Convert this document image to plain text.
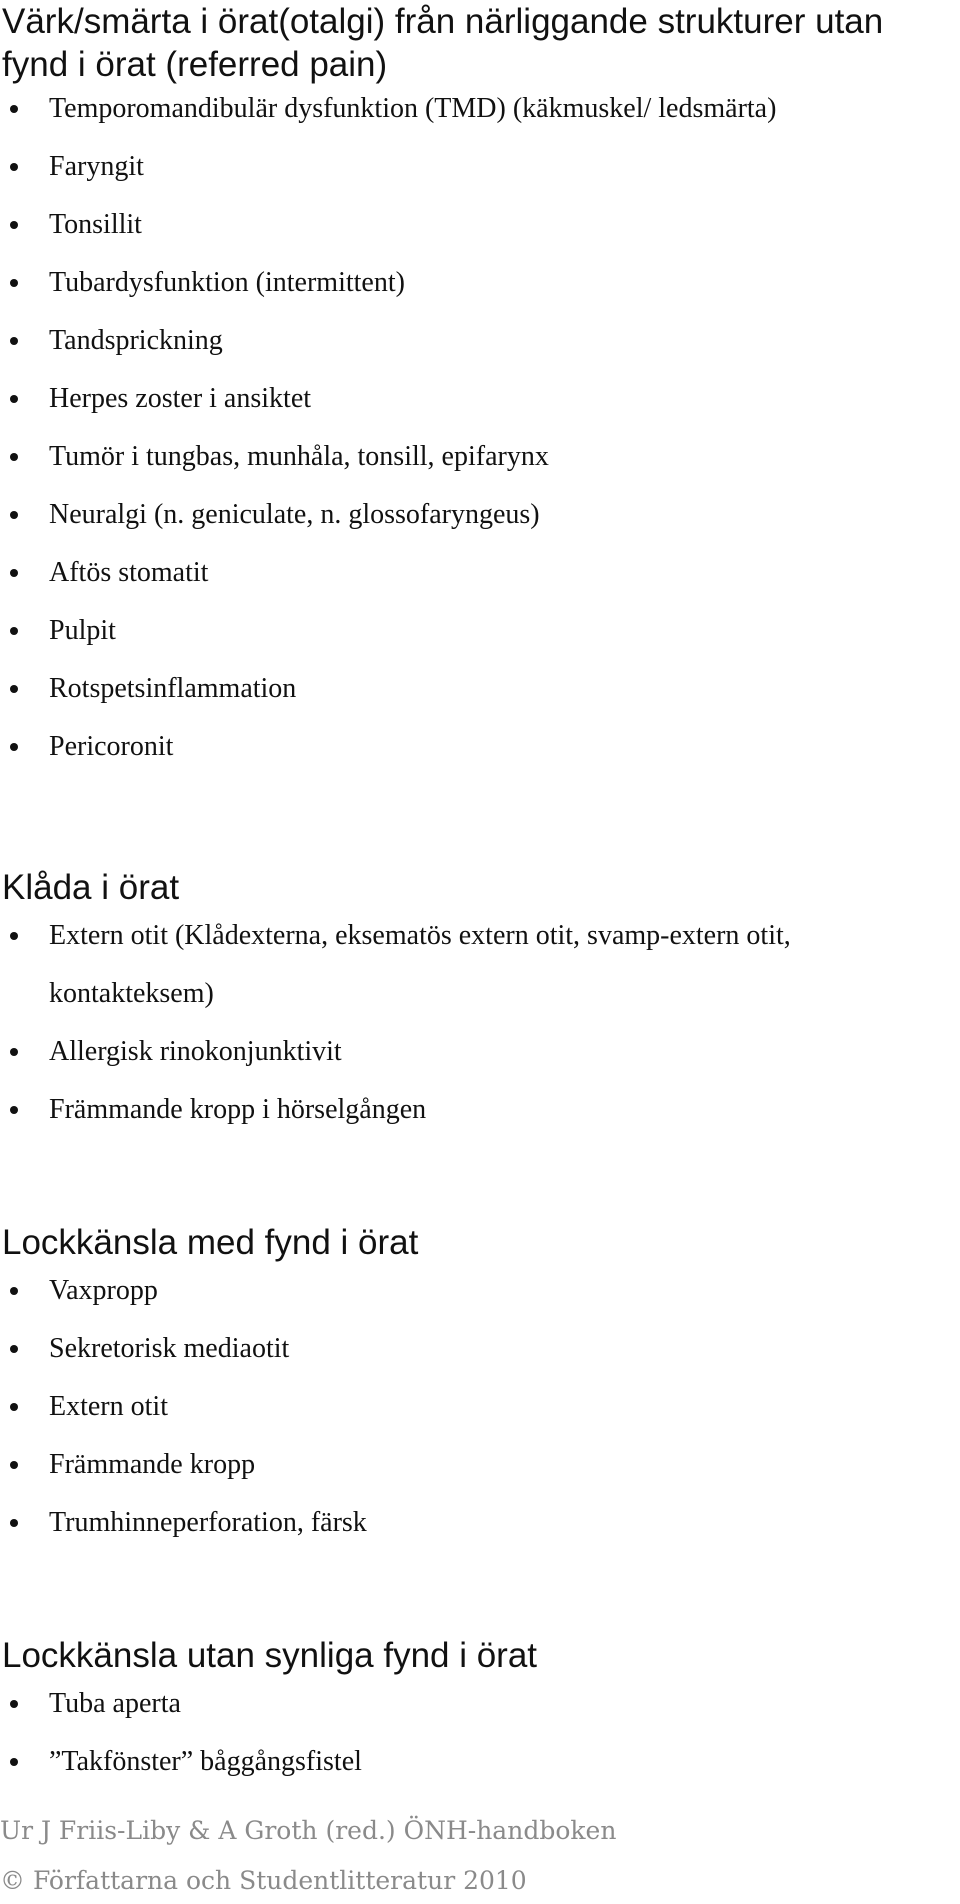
Värk/smärta i örat(otalgi) från närliggande strukturer utan
fynd i örat (referred pain)
Temporomandibulär dysfunktion (TMD) (käkmuskel/ ledsmärta)
Faryngit
Tonsillit
Tubardysfunktion (intermittent)
Tandsprickning
Herpes zoster i ansiktet
Tumör i tungbas, munhåla, tonsill, epifarynx
Neuralgi (n. geniculate, n. glossofaryngeus)
Aftös stomatit
Pulpit
Rotspetsinflammation
Pericoronit
Klåda i örat
Extern otit (Klådexterna, eksematös extern otit, svamp-extern otit,
kontakteksem)
Allergisk rinokonjunktivit
Främmande kropp i hörselgången
Lockkänsla med fynd i örat
Vaxpropp
Sekretorisk mediaotit
Extern otit
Främmande kropp
Trumhinneperforation, färsk
Lockkänsla utan synliga fynd i örat
Tuba aperta
”Takfönster” båggångsfistel
Ur J Friis-Liby & A Groth (red.) ÖNH-handboken
© Författarna och Studentlitteratur 2010
